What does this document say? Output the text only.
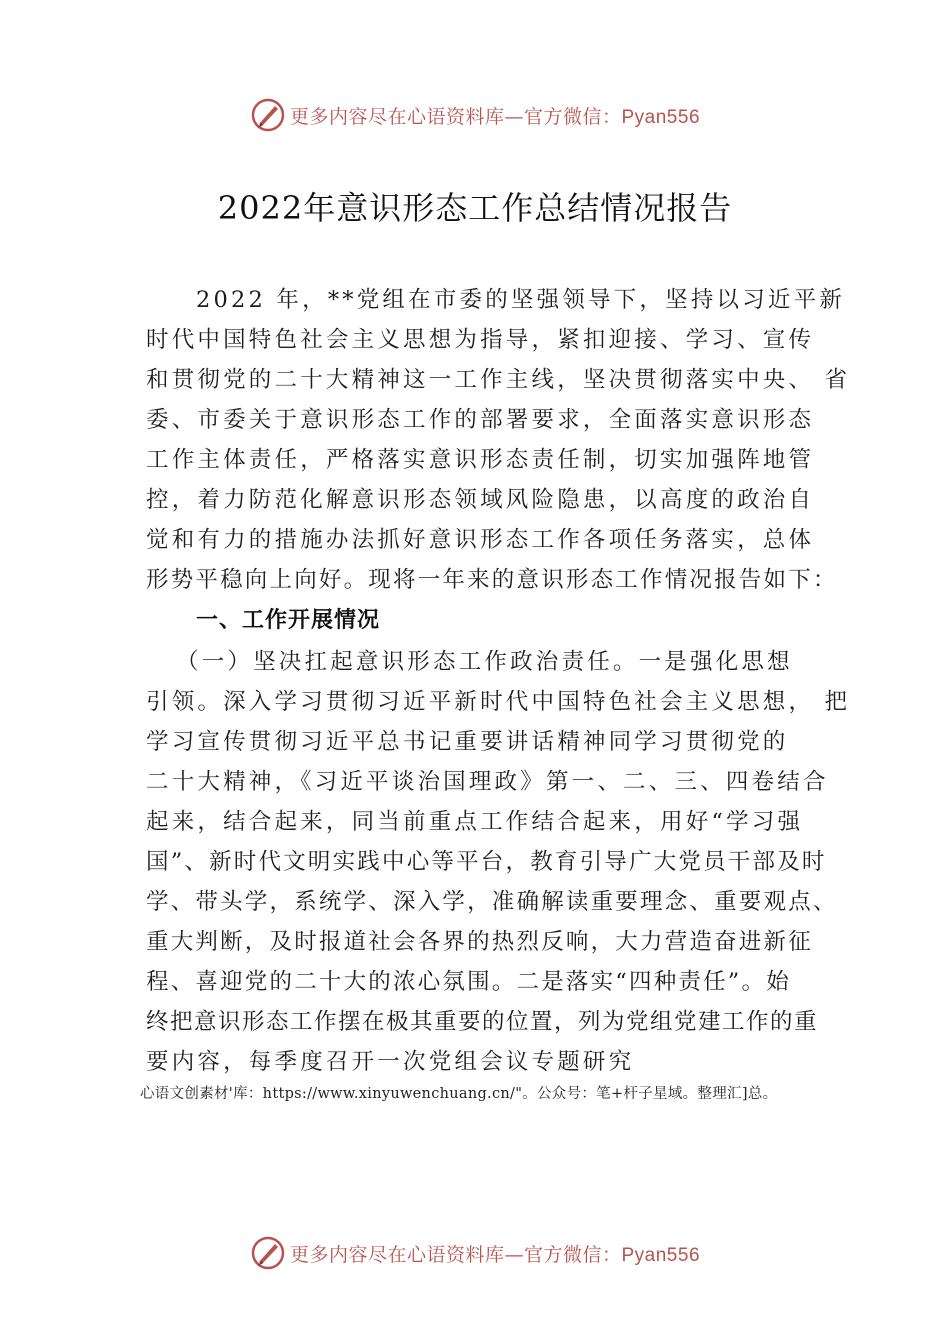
更多内容尽在心语资料库—官方微信：Pyan556
2022年意识形态工作总结情况报告
2022 年，**党组在市委的坚强领导下，坚持以习近平新
时代中国特色社会主义思想为指导，紧扣迎接、学习、宣传
和贯彻党的二十大精神这一工作主线，坚决贯彻落实中央、 省
委、市委关于意识形态工作的部署要求，全面落实意识形态
工作主体责任，严格落实意识形态责任制，切实加强阵地管
控，着力防范化解意识形态领域风险隐患，以高度的政治自
觉和有力的措施办法抓好意识形态工作各项任务落实，总体
形势平稳向上向好。现将一年来的意识形态工作情况报告如下：
一、工作开展情况
（一）坚决扛起意识形态工作政治责任。一是强化思想
引领。深入学习贯彻习近平新时代中国特色社会主义思想， 把
学习宣传贯彻习近平总书记重要讲话精神同学习贯彻党的
二十大精神，《习近平谈治国理政》第一、二、三、四卷结合
起来，结合起来，同当前重点工作结合起来，用好“学习强
国”、新时代文明实践中心等平台，教育引导广大党员干部及时
学、带头学，系统学、深入学，准确解读重要理念、重要观点、
重大判断，及时报道社会各界的热烈反响，大力营造奋进新征
程、喜迎党的二十大的浓⼼氛围。二是落实“四种责任”。始
终把意识形态工作摆在极其重要的位置，列为党组党建工作的重
要内容，每季度召开一次党组会议专题研究
心语文创素材'库：https://www.xinyuwenchuang.cn/"。公众号：笔+杆子星域。整理汇]总。
更多内容尽在心语资料库—官方微信：Pyan556
